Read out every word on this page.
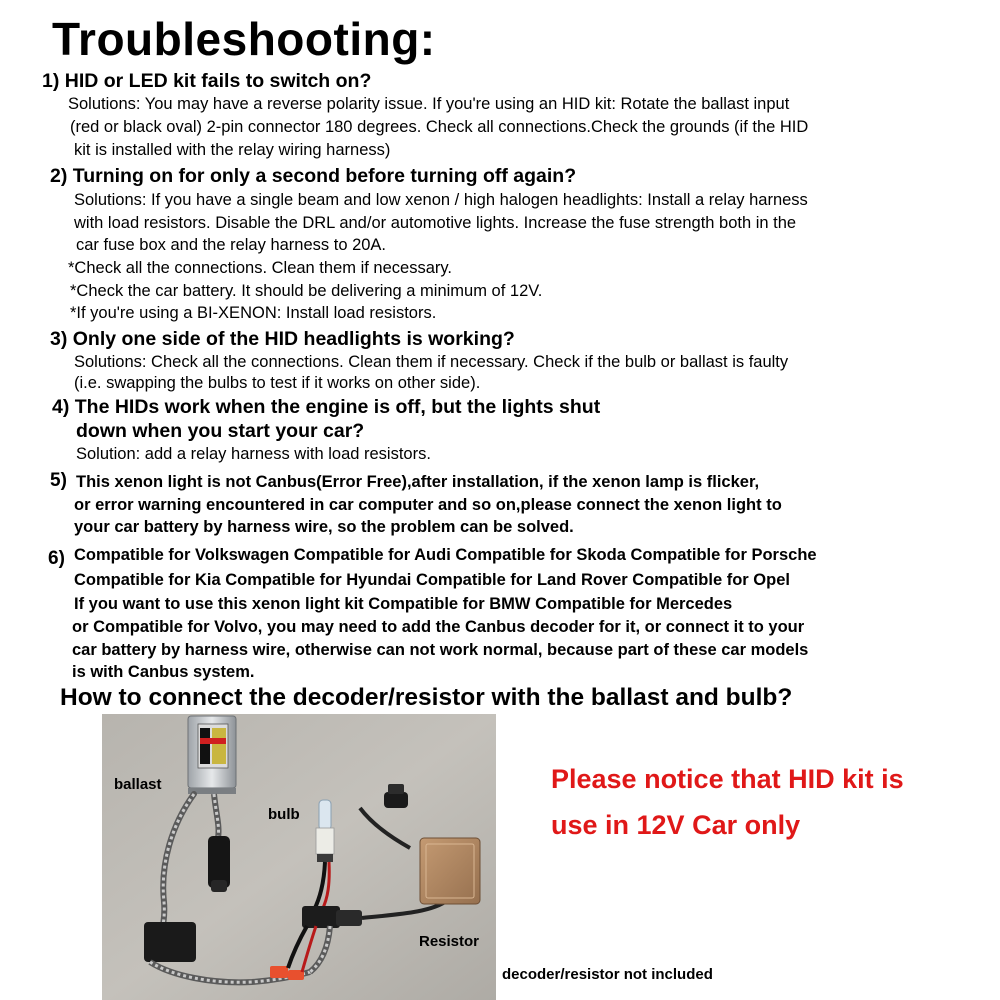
Troubleshooting:
1) HID or LED kit fails to switch on?
Solutions: You may have a reverse polarity issue. If you're using an HID kit: Rotate the ballast input
(red or black oval) 2-pin connector 180 degrees. Check all connections.Check the grounds (if the HID
kit is installed with the relay wiring harness)
2) Turning on for only a second before turning off again?
Solutions: If you have a single beam and low xenon / high halogen headlights: Install a relay harness
with load resistors. Disable the DRL and/or automotive lights. Increase the fuse strength both in the
car fuse box and the relay harness to 20A.
*Check all the connections. Clean them if necessary.
*Check the car battery. It should be delivering a minimum of 12V.
*If you're using a BI-XENON: Install load resistors.
3) Only one side of the HID headlights is working?
Solutions: Check all the connections. Clean them if necessary. Check if the bulb or ballast is faulty
(i.e. swapping the bulbs to test if it works on other side).
4) The HIDs work when the engine is off, but the lights shut
down when you start your car?
Solution: add a relay harness with load resistors.
5) This xenon light is not Canbus(Error Free),after installation, if the xenon lamp is flicker,
or error warning encountered in car computer and so on,please connect the xenon light to
your car battery by harness wire, so the problem can be solved.
6) Compatible for Volkswagen Compatible for Audi Compatible for Skoda Compatible for Porsche
Compatible for Kia Compatible for Hyundai Compatible for Land Rover Compatible for Opel
If you want to use this xenon light kit Compatible for BMW Compatible for Mercedes
or Compatible for Volvo, you may need to add the Canbus decoder for it, or connect it to your
car battery by harness wire, otherwise can not work normal, because part of these car models
is with Canbus system.
How to connect the decoder/resistor with the ballast and bulb?
ballast
bulb
Resistor
Please notice that HID kit is
use in 12V Car only
decoder/resistor not included
